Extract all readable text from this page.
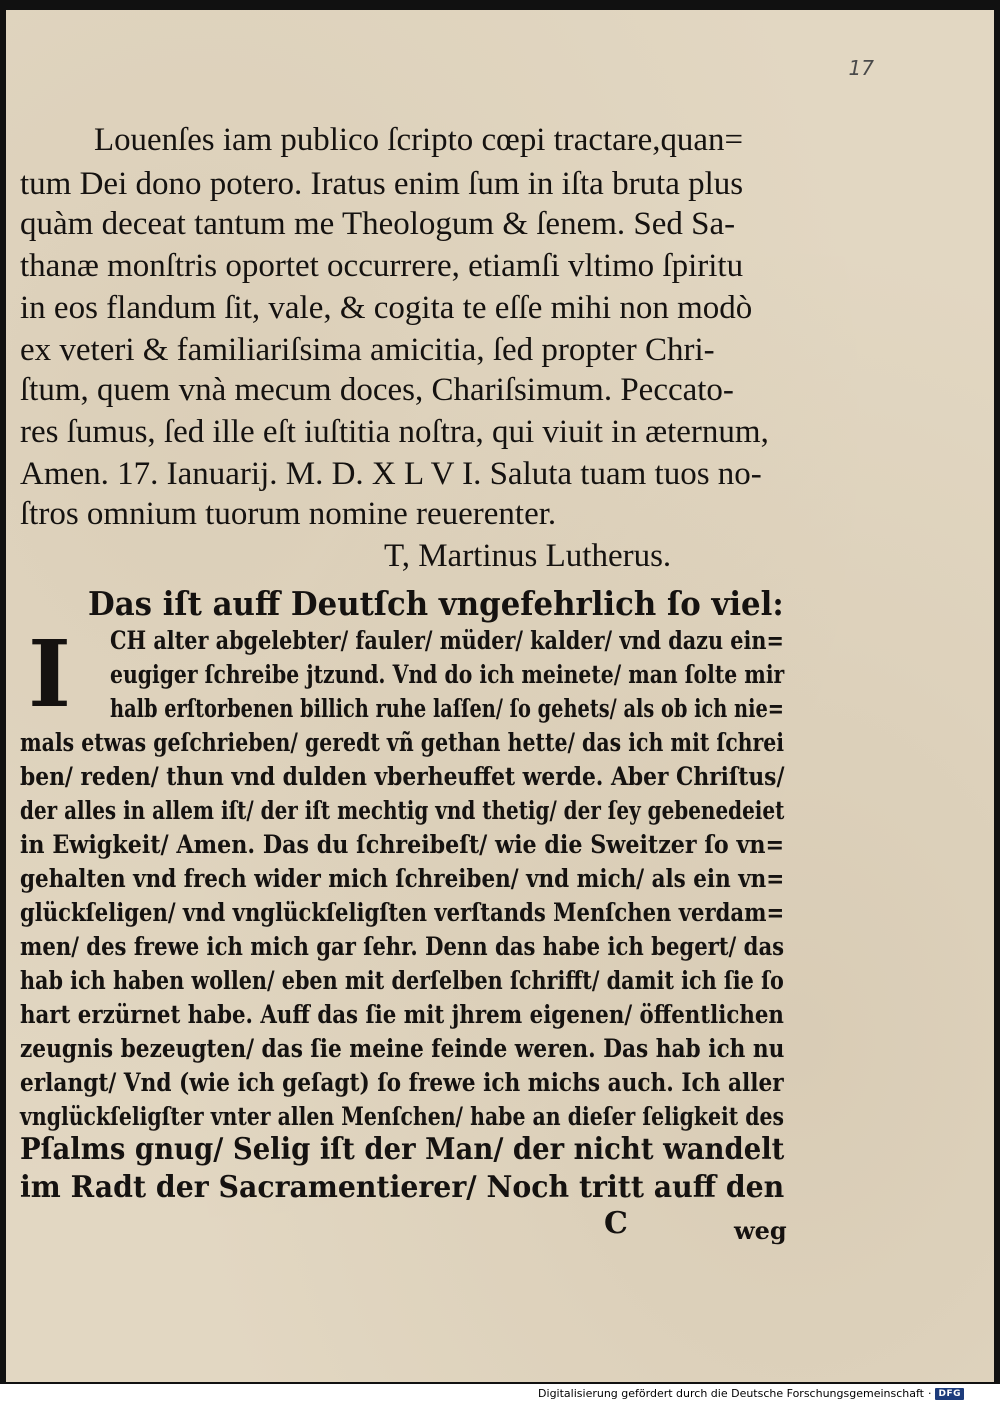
17
Louenſes iam publico ſcripto cœpi tractare,quan=
tum Dei dono potero. Iratus enim ſum in iſta bruta plus
quàm deceat tantum me Theologum & ſenem. Sed Sa-
thanæ monſtris oportet occurrere, etiamſi vltimo ſpiritu
in eos flandum ſit, vale, & cogita te eſſe mihi non modò
ex veteri & familiariſsima amicitia, ſed propter Chri-
ſtum, quem vnà mecum doces, Chariſsimum. Peccato-
res ſumus, ſed ille eſt iuſtitia noſtra, qui viuit in æternum,
Amen. 17. Ianuarij. M. D. X L V I. Saluta tuam tuos no-
ſtros omnium tuorum nomine reuerenter.
T, Martinus Lutherus.
Das iſt auff Deutſch vngefehrlich ſo viel:
I CH alter abgelebter/ fauler/ müder/ kalder/ vnd dazu ein=
eugiger ſchreibe jtzund. Vnd do ich meinete/ man ſolte mir
halb erſtorbenen billich ruhe laſſen/ ſo gehets/ als ob ich nie=
mals etwas geſchrieben/ geredt vñ gethan hette/ das ich mit ſchrei
ben/ reden/ thun vnd dulden vberheuffet werde. Aber Chriſtus/
der alles in allem iſt/ der iſt mechtig vnd thetig/ der ſey gebenedeiet
in Ewigkeit/ Amen. Das du ſchreibeſt/ wie die Sweitzer ſo vn=
gehalten vnd frech wider mich ſchreiben/ vnd mich/ als ein vn=
glückſeligen/ vnd vnglückſeligſten verſtands Menſchen verdam=
men/ des frewe ich mich gar ſehr. Denn das habe ich begert/ das
hab ich haben wollen/ eben mit derſelben ſchrifft/ damit ich ſie ſo
hart erzürnet habe. Auff das ſie mit jhrem eigenen/ öffentlichen
zeugnis bezeugten/ das ſie meine feinde weren. Das hab ich nu
erlangt/ Vnd (wie ich geſagt) ſo frewe ich michs auch. Ich aller
vnglückſeligſter vnter allen Menſchen/ habe an dieſer ſeligkeit des
Pſalms gnug/ Selig iſt der Man/ der nicht wandelt
im Radt der Sacramentierer/ Noch tritt auff den
C	weg
Digitalisierung gefördert durch die Deutsche Forschungsgemeinschaft · DFG
